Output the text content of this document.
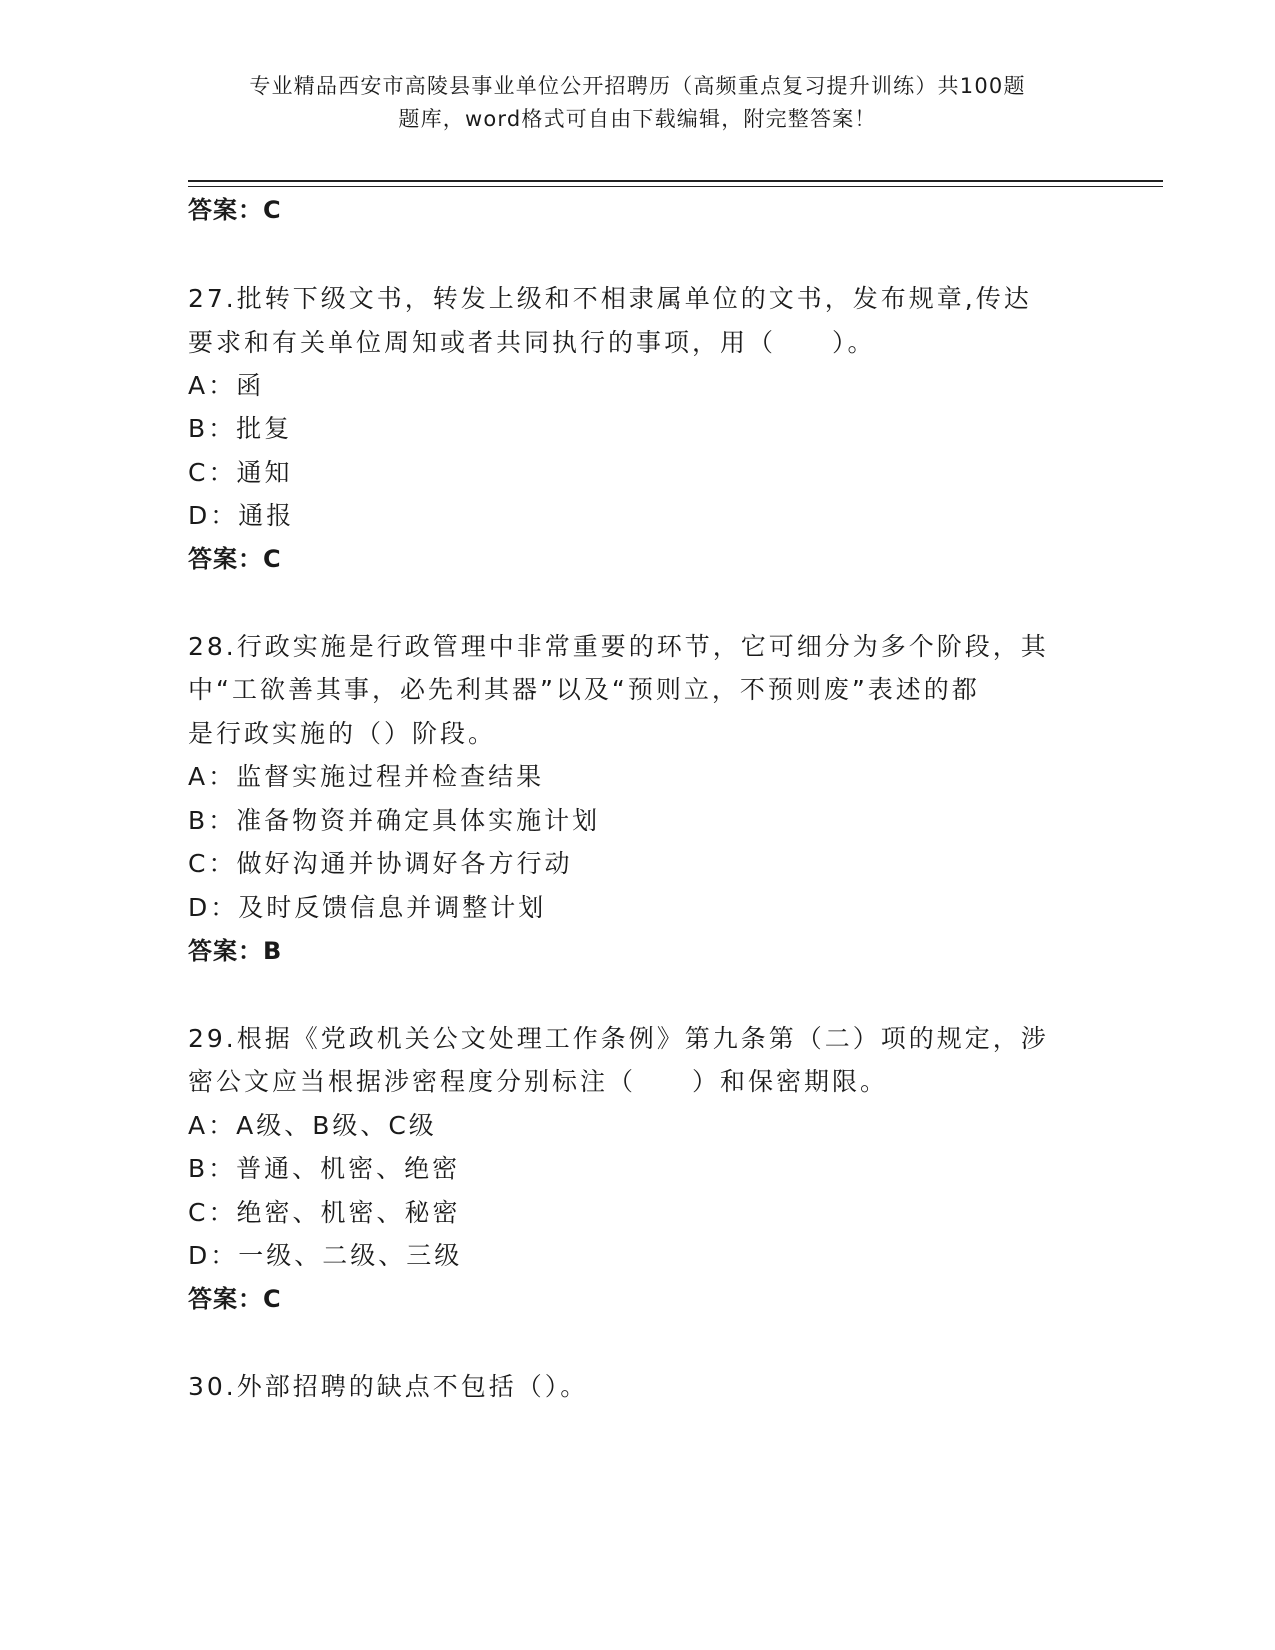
专业精品西安市高陵县事业单位公开招聘历（高频重点复习提升训练）共100题
题库，word格式可自由下载编辑，附完整答案！
答案：C
27.批转下级文书，转发上级和不相隶属单位的文书，发布规章,传达
要求和有关单位周知或者共同执行的事项，用（　　）。
A：函
B：批复
C：通知
D：通报
答案：C
28.行政实施是行政管理中非常重要的环节，它可细分为多个阶段，其
中“工欲善其事，必先利其器”以及“预则立，不预则废”表述的都
是行政实施的（）阶段。
A：监督实施过程并检查结果
B：准备物资并确定具体实施计划
C：做好沟通并协调好各方行动
D：及时反馈信息并调整计划
答案：B
29.根据《党政机关公文处理工作条例》第九条第（二）项的规定，涉
密公文应当根据涉密程度分别标注（　　）和保密期限。
A：A级、B级、C级
B：普通、机密、绝密
C：绝密、机密、秘密
D：一级、二级、三级
答案：C
30.外部招聘的缺点不包括（）。
